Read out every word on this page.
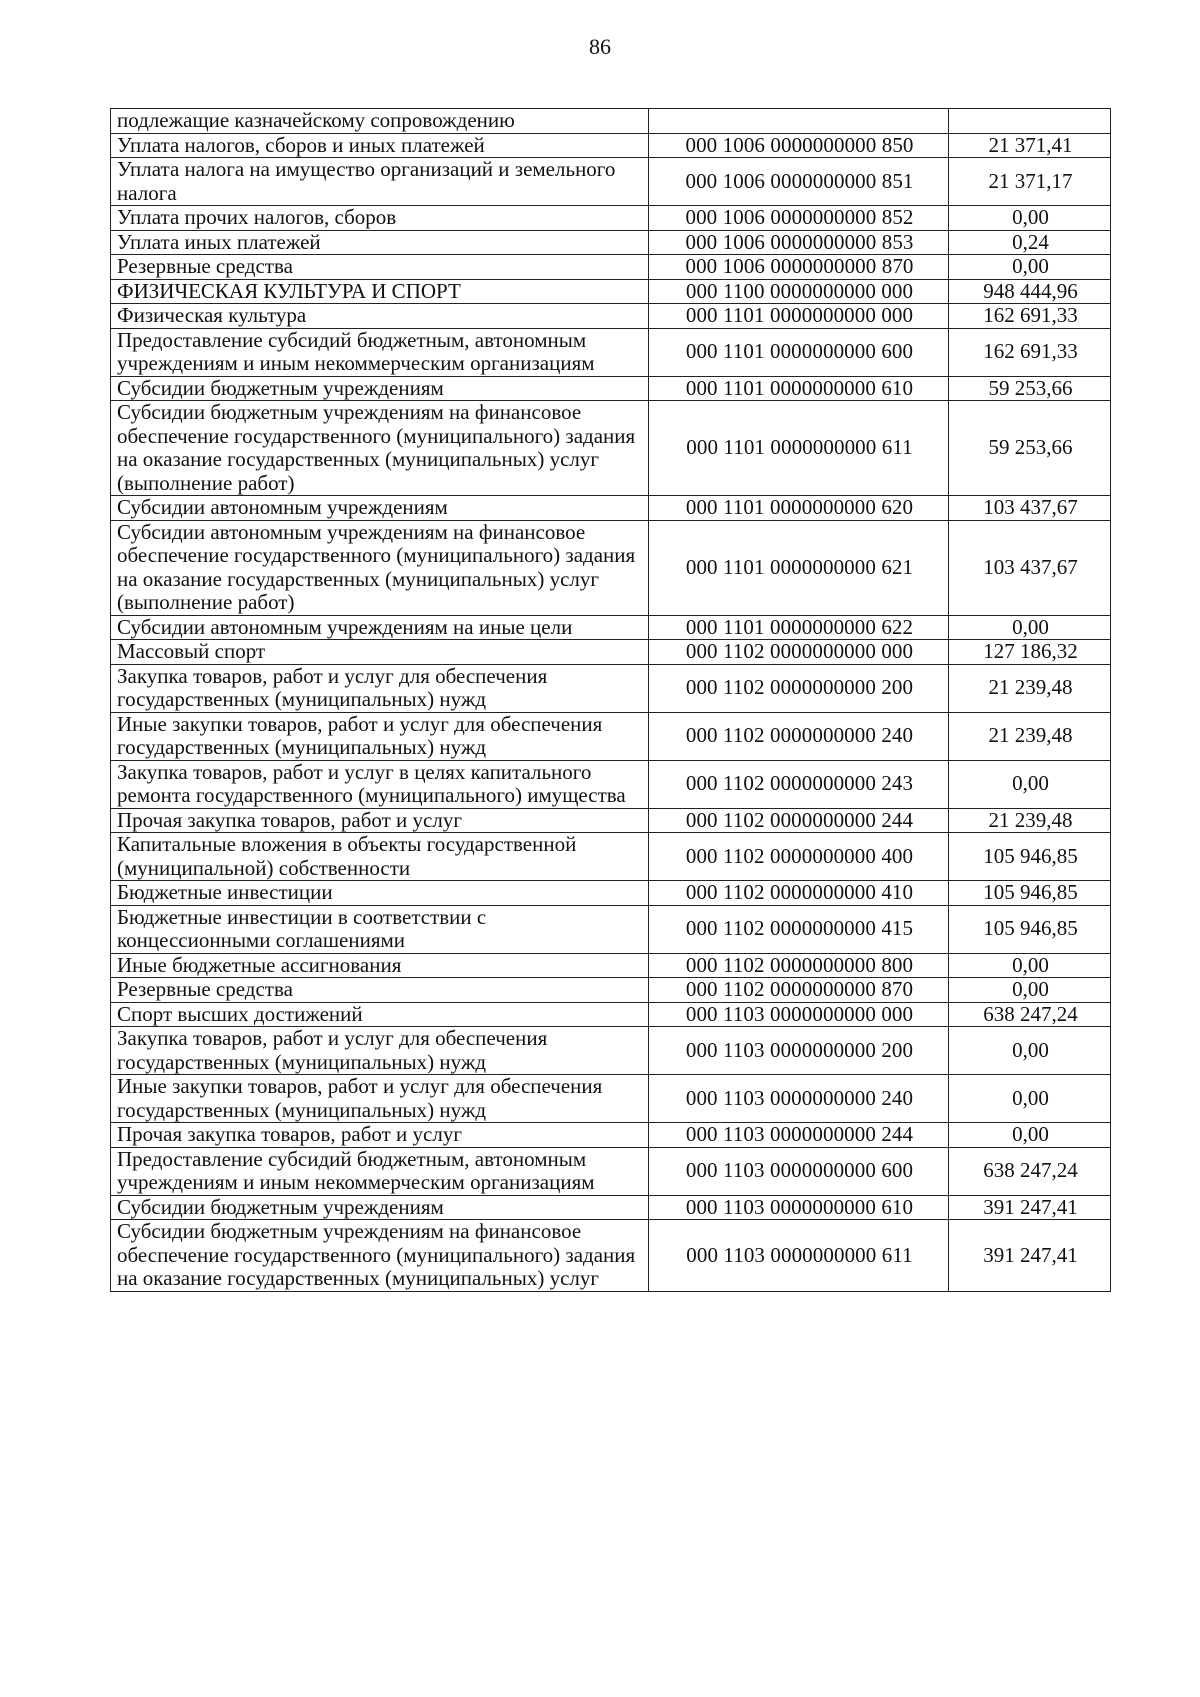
86
подлежащие казначейскому сопровождению		
Уплата налогов, сборов и иных платежей	000 1006 0000000000 850	21 371,41
Уплата налога на имущество организаций и земельного налога	000 1006 0000000000 851	21 371,17
Уплата прочих налогов, сборов	000 1006 0000000000 852	0,00
Уплата иных платежей	000 1006 0000000000 853	0,24
Резервные средства	000 1006 0000000000 870	0,00
ФИЗИЧЕСКАЯ КУЛЬТУРА И СПОРТ	000 1100 0000000000 000	948 444,96
Физическая культура	000 1101 0000000000 000	162 691,33
Предоставление субсидий бюджетным, автономным учреждениям и иным некоммерческим организациям	000 1101 0000000000 600	162 691,33
Субсидии бюджетным учреждениям	000 1101 0000000000 610	59 253,66
Субсидии бюджетным учреждениям на финансовое обеспечение государственного (муниципального) задания на оказание государственных (муниципальных) услуг (выполнение работ)	000 1101 0000000000 611	59 253,66
Субсидии автономным учреждениям	000 1101 0000000000 620	103 437,67
Субсидии автономным учреждениям на финансовое обеспечение государственного (муниципального) задания на оказание государственных (муниципальных) услуг (выполнение работ)	000 1101 0000000000 621	103 437,67
Субсидии автономным учреждениям на иные цели	000 1101 0000000000 622	0,00
Массовый спорт	000 1102 0000000000 000	127 186,32
Закупка товаров, работ и услуг для обеспечения государственных (муниципальных) нужд	000 1102 0000000000 200	21 239,48
Иные закупки товаров, работ и услуг для обеспечения государственных (муниципальных) нужд	000 1102 0000000000 240	21 239,48
Закупка товаров, работ и услуг в целях капитального ремонта государственного (муниципального) имущества	000 1102 0000000000 243	0,00
Прочая закупка товаров, работ и услуг	000 1102 0000000000 244	21 239,48
Капитальные вложения в объекты государственной (муниципальной) собственности	000 1102 0000000000 400	105 946,85
Бюджетные инвестиции	000 1102 0000000000 410	105 946,85
Бюджетные инвестиции в соответствии с концессионными соглашениями	000 1102 0000000000 415	105 946,85
Иные бюджетные ассигнования	000 1102 0000000000 800	0,00
Резервные средства	000 1102 0000000000 870	0,00
Спорт высших достижений	000 1103 0000000000 000	638 247,24
Закупка товаров, работ и услуг для обеспечения государственных (муниципальных) нужд	000 1103 0000000000 200	0,00
Иные закупки товаров, работ и услуг для обеспечения государственных (муниципальных) нужд	000 1103 0000000000 240	0,00
Прочая закупка товаров, работ и услуг	000 1103 0000000000 244	0,00
Предоставление субсидий бюджетным, автономным учреждениям и иным некоммерческим организациям	000 1103 0000000000 600	638 247,24
Субсидии бюджетным учреждениям	000 1103 0000000000 610	391 247,41
Субсидии бюджетным учреждениям на финансовое обеспечение государственного (муниципального) задания на оказание государственных (муниципальных) услуг	000 1103 0000000000 611	391 247,41
